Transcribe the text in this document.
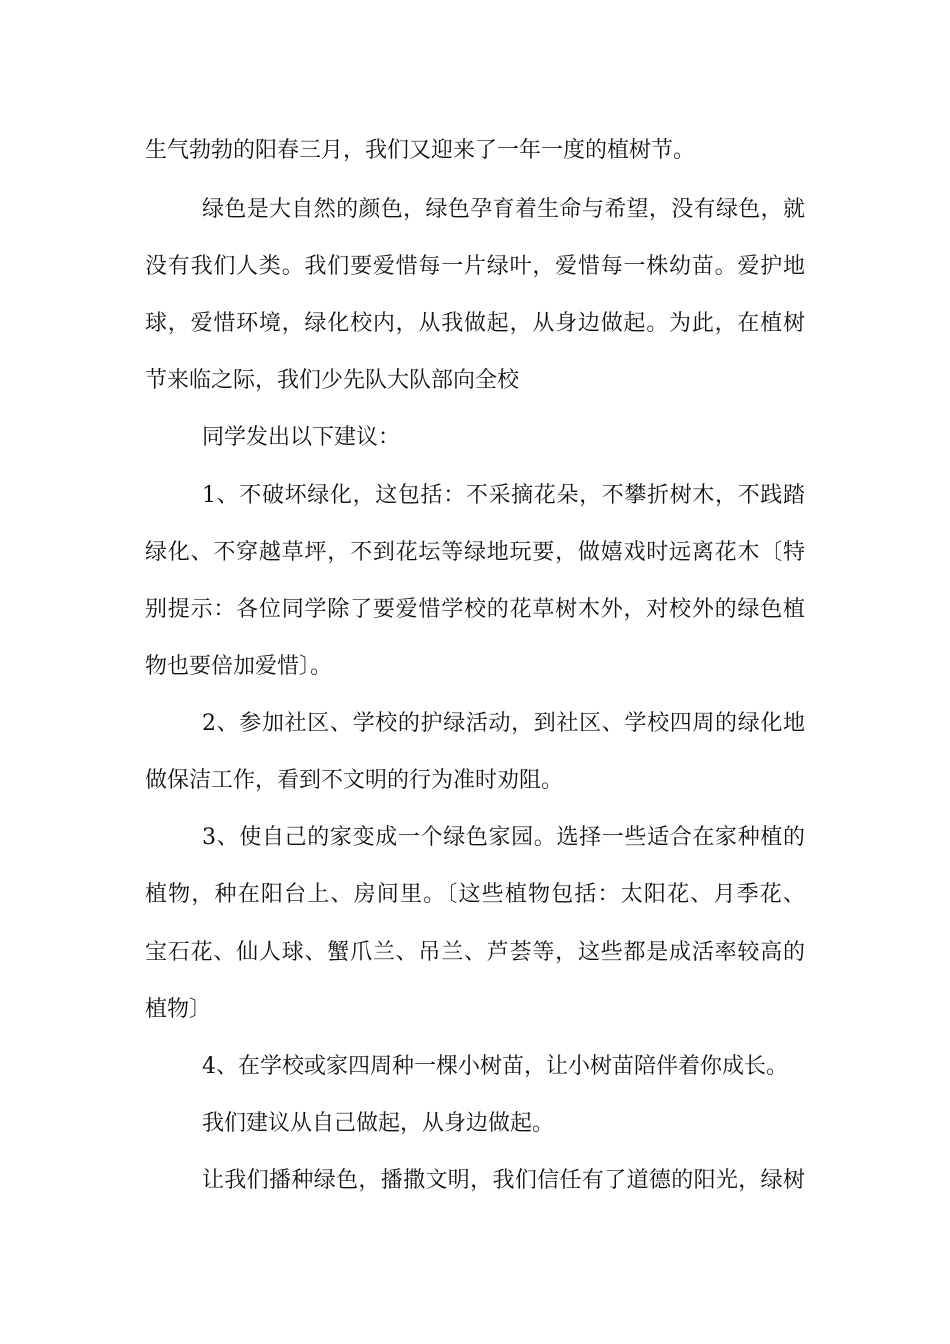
生气勃勃的阳春三月，我们又迎来了一年一度的植树节。
绿色是大自然的颜色，绿色孕育着生命与希望，没有绿色，就
没有我们人类。我们要爱惜每一片绿叶，爱惜每一株幼苗。爱护地
球，爱惜环境，绿化校内，从我做起，从身边做起。为此，在植树
节来临之际，我们少先队大队部向全校
同学发出以下建议：
1、不破坏绿化，这包括：不采摘花朵，不攀折树木，不践踏
绿化、不穿越草坪，不到花坛等绿地玩要，做嬉戏时远离花木〔特
别提示：各位同学除了要爱惜学校的花草树木外，对校外的绿色植
物也要倍加爱惜〕。
2、参加社区、学校的护绿活动，到社区、学校四周的绿化地
做保洁工作，看到不文明的行为准时劝阻。
3、使自己的家变成一个绿色家园。选择一些适合在家种植的
植物，种在阳台上、房间里。〔这些植物包括：太阳花、月季花、
宝石花、仙人球、蟹爪兰、吊兰、芦荟等，这些都是成活率较高的
植物〕
4、在学校或家四周种一棵小树苗，让小树苗陪伴着你成长。
我们建议从自己做起，从身边做起。
让我们播种绿色，播撒文明，我们信任有了道德的阳光，绿树
